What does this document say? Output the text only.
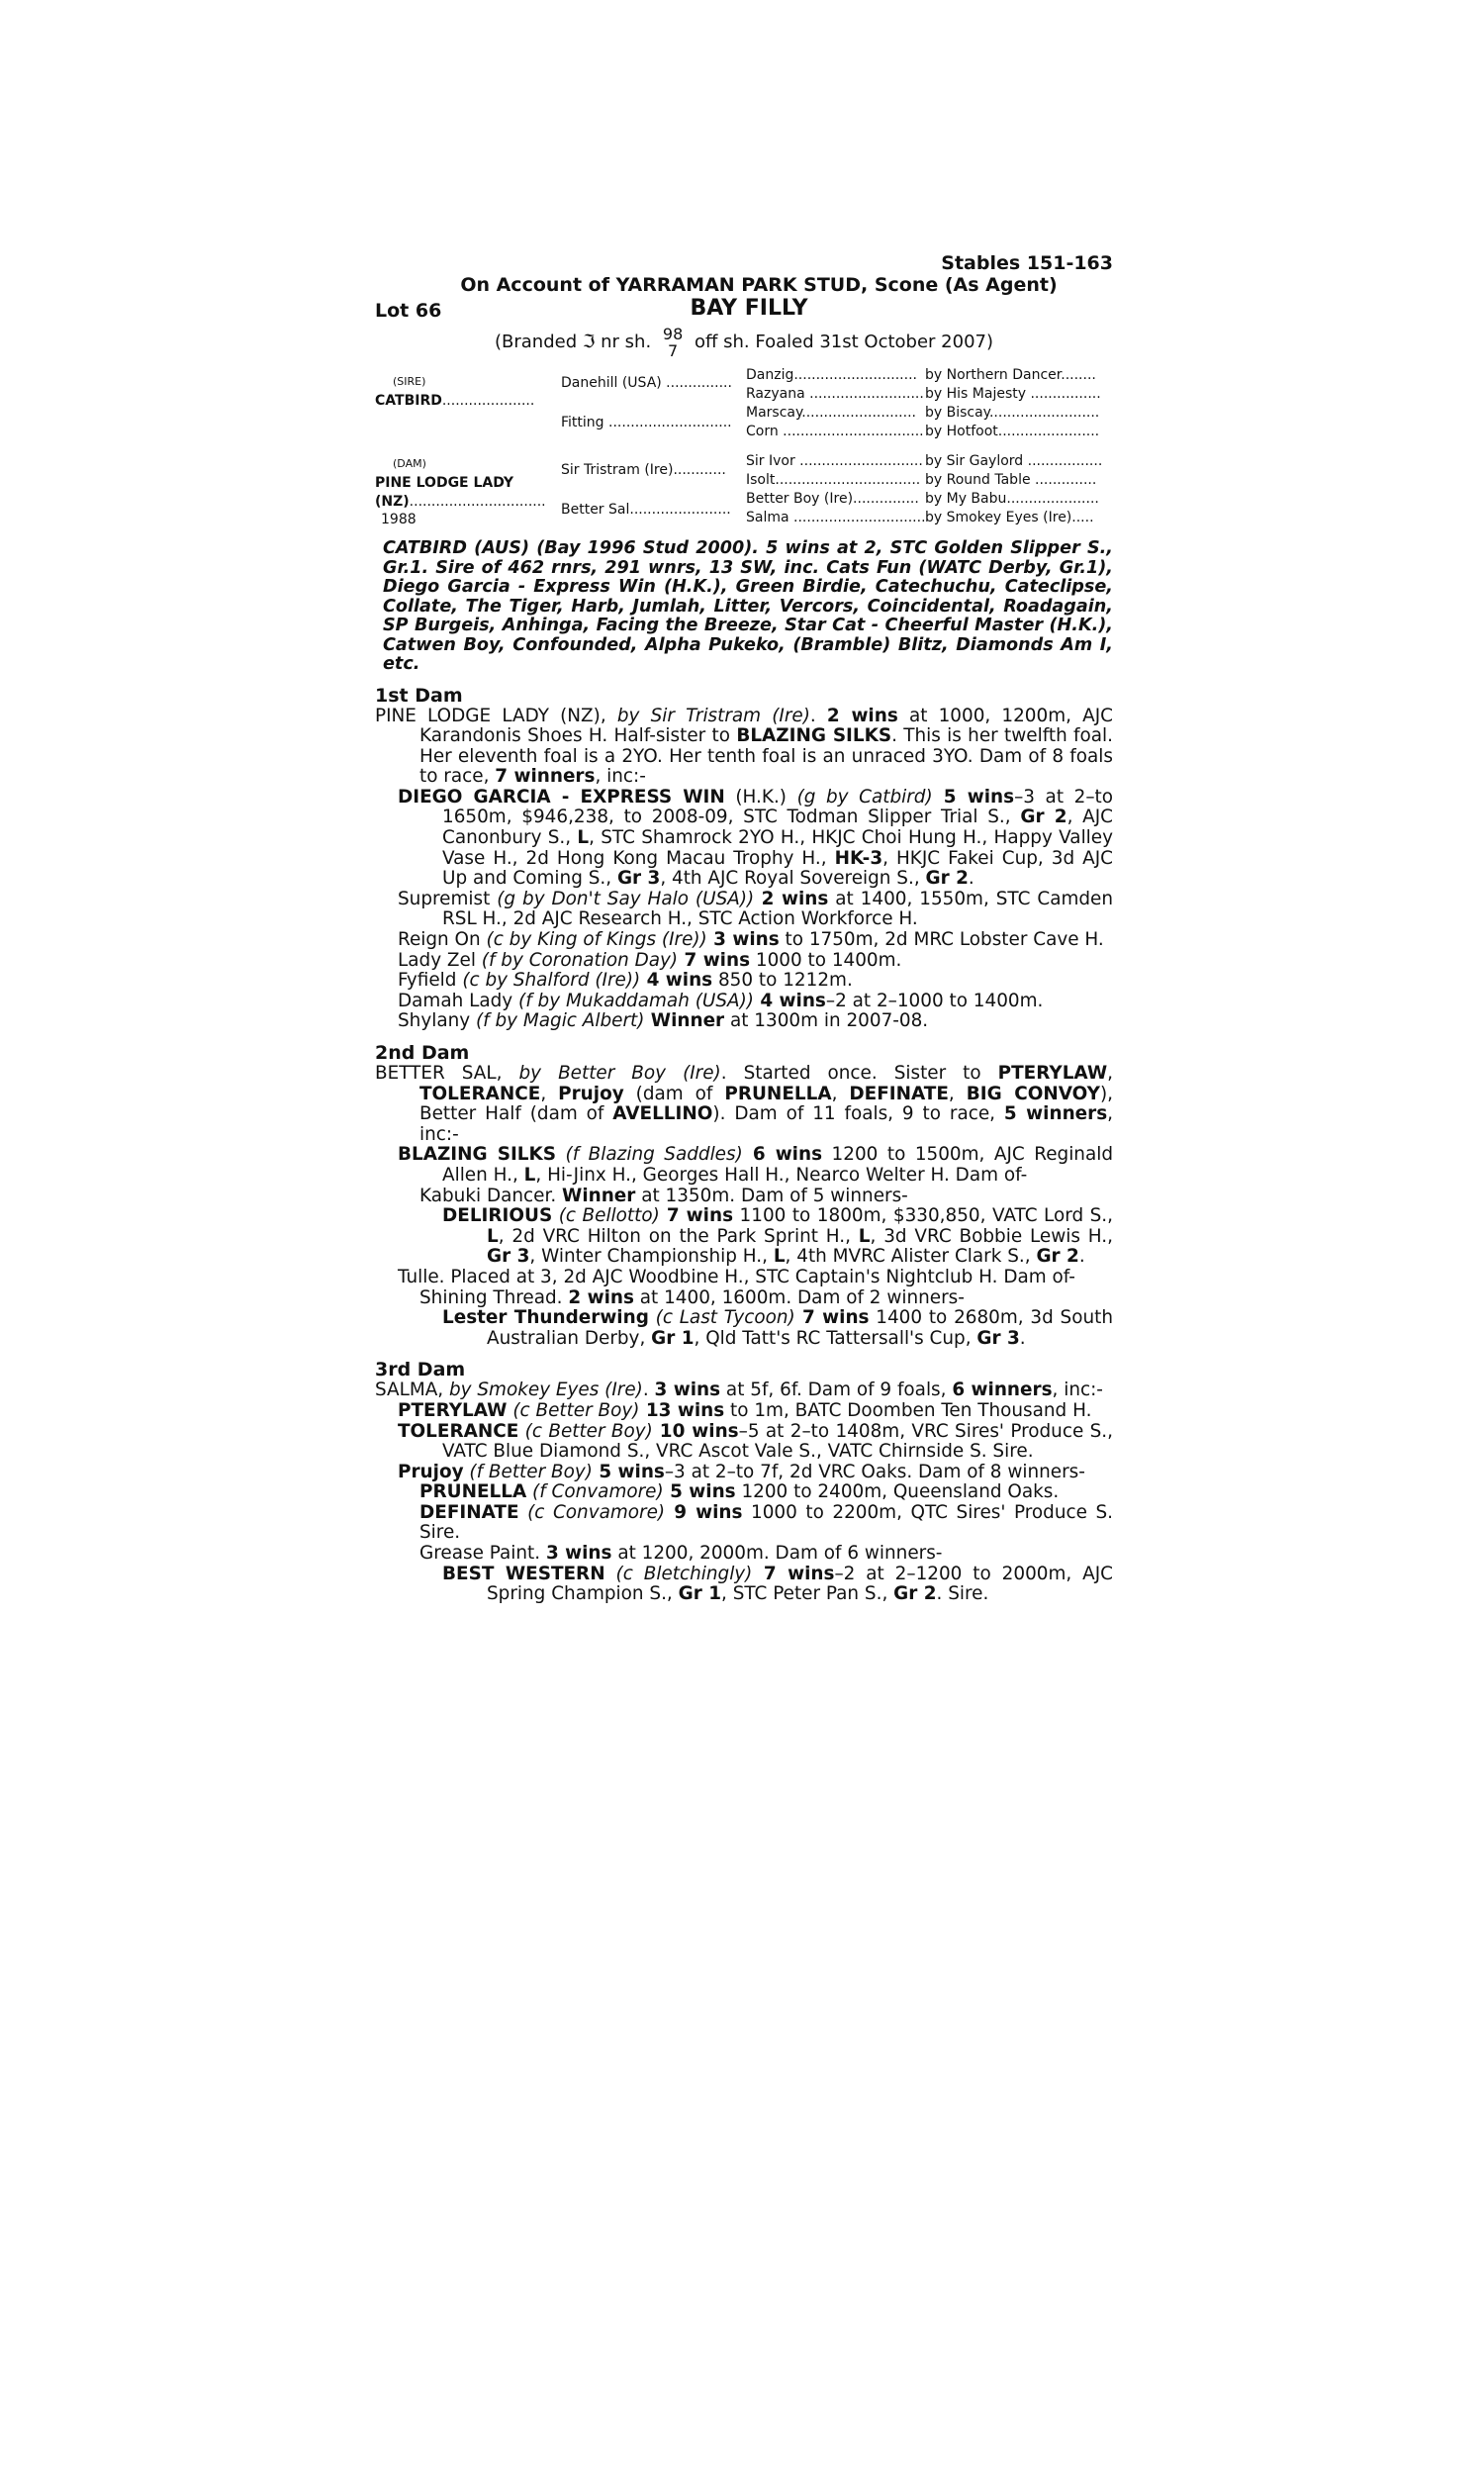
Stables 151-163
On Account of YARRAMAN PARK STUD, Scone (As Agent)
Lot 66	BAY FILLY
(Branded ℑ nr sh. 98
7 off sh. Foaled 31st October 2007)
(SIRE)
CATBIRD.....................
(DAM)
PINE LODGE LADY
(NZ)...............................
1988
Danehill (USA) ...............
Fitting ............................
Sir Tristram (Ire)............
Better Sal.......................
Danzig............................
Razyana ..........................
Marscay..........................
Corn ................................
Sir Ivor ............................
Isolt.................................
Better Boy (Ire)...............
Salma ..............................
by Northern Dancer........
by His Majesty ................
by Biscay.........................
by Hotfoot.......................
by Sir Gaylord .................
by Round Table ..............
by My Babu.....................
by Smokey Eyes (Ire).....
CATBIRD (AUS) (Bay 1996 Stud 2000). 5 wins at 2, STC Golden Slipper S., Gr.1. Sire of 462 rnrs, 291 wnrs, 13 SW, inc. Cats Fun (WATC Derby, Gr.1), Diego Garcia - Express Win (H.K.), Green Birdie, Catechuchu, Cateclipse, Collate, The Tiger, Harb, Jumlah, Litter, Vercors, Coincidental, Roadagain, SP Burgeis, Anhinga, Facing the Breeze, Star Cat - Cheerful Master (H.K.), Catwen Boy, Confounded, Alpha Pukeko, (Bramble) Blitz, Diamonds Am I, etc.
1st Dam

PINE LODGE LADY (NZ), by Sir Tristram (Ire). 2 wins at 1000, 1200m, AJC Karandonis Shoes H. Half-sister to BLAZING SILKS. This is her twelfth foal. Her eleventh foal is a 2YO. Her tenth foal is an unraced 3YO. Dam of 8 foals to race, 7 winners, inc:-

DIEGO GARCIA - EXPRESS WIN (H.K.) (g by Catbird) 5 wins–3 at 2–to 1650m, $946,238, to 2008-09, STC Todman Slipper Trial S., Gr 2, AJC Canonbury S., L, STC Shamrock 2YO H., HKJC Choi Hung H., Happy Valley Vase H., 2d Hong Kong Macau Trophy H., HK-3, HKJC Fakei Cup, 3d AJC Up and Coming S., Gr 3, 4th AJC Royal Sovereign S., Gr 2.

Supremist (g by Don't Say Halo (USA)) 2 wins at 1400, 1550m, STC Camden RSL H., 2d AJC Research H., STC Action Workforce H.

Reign On (c by King of Kings (Ire)) 3 wins to 1750m, 2d MRC Lobster Cave H.

Lady Zel (f by Coronation Day) 7 wins 1000 to 1400m.

Fyfield (c by Shalford (Ire)) 4 wins 850 to 1212m.

Damah Lady (f by Mukaddamah (USA)) 4 wins–2 at 2–1000 to 1400m.

Shylany (f by Magic Albert) Winner at 1300m in 2007-08.

2nd Dam

BETTER SAL, by Better Boy (Ire). Started once. Sister to PTERYLAW, TOLERANCE, Prujoy (dam of PRUNELLA, DEFINATE, BIG CONVOY), Better Half (dam of AVELLINO). Dam of 11 foals, 9 to race, 5 winners, inc:-

BLAZING SILKS (f Blazing Saddles) 6 wins 1200 to 1500m, AJC Reginald Allen H., L, Hi-Jinx H., Georges Hall H., Nearco Welter H. Dam of-

Kabuki Dancer. Winner at 1350m. Dam of 5 winners-

DELIRIOUS (c Bellotto) 7 wins 1100 to 1800m, $330,850, VATC Lord S., L, 2d VRC Hilton on the Park Sprint H., L, 3d VRC Bobbie Lewis H., Gr 3, Winter Championship H., L, 4th MVRC Alister Clark S., Gr 2.

Tulle. Placed at 3, 2d AJC Woodbine H., STC Captain's Nightclub H. Dam of-

Shining Thread. 2 wins at 1400, 1600m. Dam of 2 winners-

Lester Thunderwing (c Last Tycoon) 7 wins 1400 to 2680m, 3d South Australian Derby, Gr 1, Qld Tatt's RC Tattersall's Cup, Gr 3.

3rd Dam

SALMA, by Smokey Eyes (Ire). 3 wins at 5f, 6f. Dam of 9 foals, 6 winners, inc:-

PTERYLAW (c Better Boy) 13 wins to 1m, BATC Doomben Ten Thousand H.

TOLERANCE (c Better Boy) 10 wins–5 at 2–to 1408m, VRC Sires' Produce S., VATC Blue Diamond S., VRC Ascot Vale S., VATC Chirnside S. Sire.

Prujoy (f Better Boy) 5 wins–3 at 2–to 7f, 2d VRC Oaks. Dam of 8 winners-

PRUNELLA (f Convamore) 5 wins 1200 to 2400m, Queensland Oaks.

DEFINATE (c Convamore) 9 wins 1000 to 2200m, QTC Sires' Produce S. Sire.

Grease Paint. 3 wins at 1200, 2000m. Dam of 6 winners-

BEST WESTERN (c Bletchingly) 7 wins–2 at 2–1200 to 2000m, AJC Spring Champion S., Gr 1, STC Peter Pan S., Gr 2. Sire.
